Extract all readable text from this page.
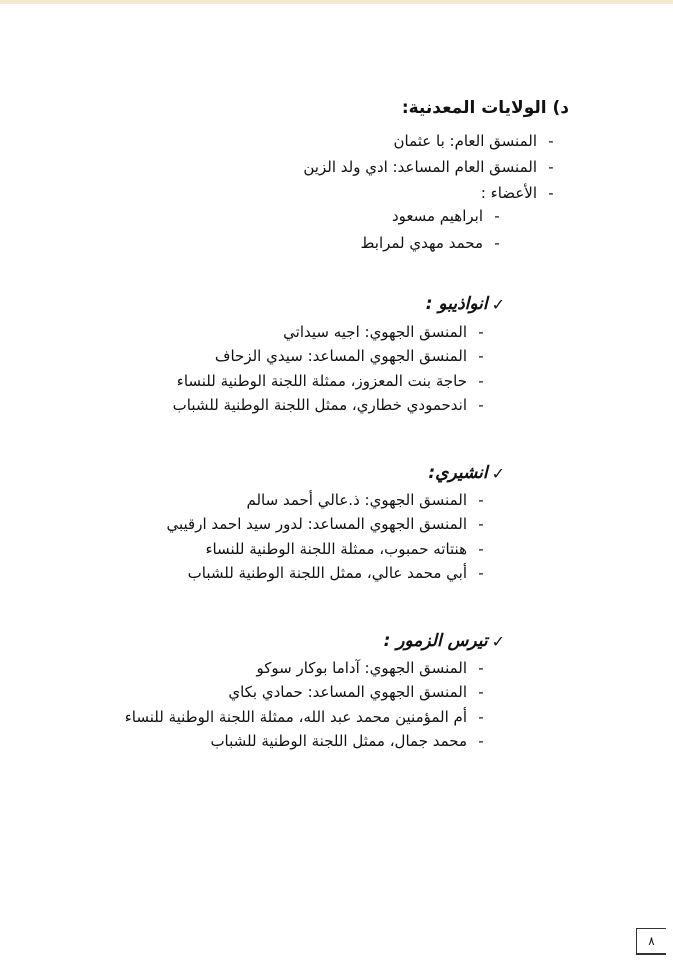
د) الولايات المعدنية:
-
المنسق العام: با عثمان
-
المنسق العام المساعد: ادي ولد الزين
-
الأعضاء :
-
ابراهيم مسعود
-
محمد مهدي لمرابط
✓
انواذيبو :
-
المنسق الجهوي: اجيه سيداتي
-
المنسق الجهوي المساعد: سيدي الزحاف
-
حاجة بنت المعزوز، ممثلة اللجنة الوطنية للنساء
-
اندحمودي خطاري، ممثل اللجنة الوطنية للشباب
✓
انشيري:
-
المنسق الجهوي: ذ.عالي أحمد سالم
-
المنسق الجهوي المساعد: لدور سيد احمد ارقيبي
-
هنتاته حمبوب، ممثلة اللجنة الوطنية للنساء
-
أبي محمد عالي، ممثل اللجنة الوطنية للشباب
✓
تيرس الزمور :
-
المنسق الجهوي: آداما بوكار سوكو
-
المنسق الجهوي المساعد: حمادي بكاي
-
أم المؤمنين محمد عبد الله، ممثلة اللجنة الوطنية للنساء
-
محمد جمال، ممثل اللجنة الوطنية للشباب
٨
